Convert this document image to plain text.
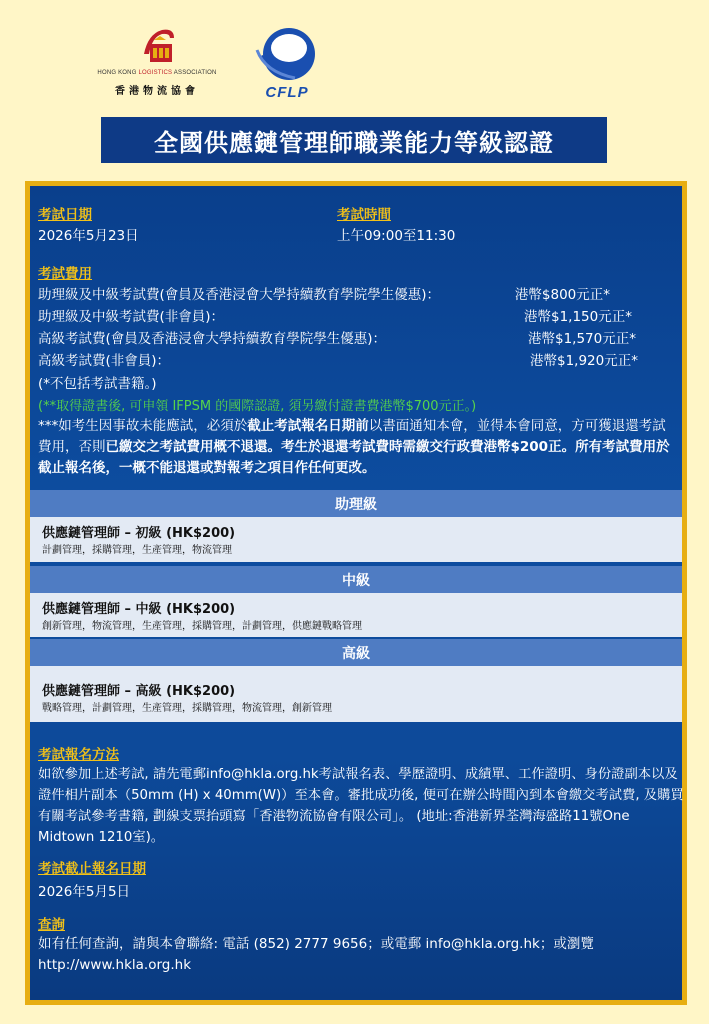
HONG KONG LOGISTICS ASSOCIATION
香港物流協會	CFLP
全國供應鏈管理師職業能力等級認證
考試日期
2026年5月23日
考試時間
上午09:00至11:30
考試費用
助理級及中級考試費(會員及香港浸會大學持續教育學院學生優惠)：	港幣$800元正*
助理級及中級考試費(非會員)：	港幣$1,150元正*
高級考試費(會員及香港浸會大學持續教育學院學生優惠)：	港幣$1,570元正*
高級考試費(非會員)：	港幣$1,920元正*
(*不包括考試書籍。)
(**取得證書後, 可申領 IFPSM 的國際認證, 須另繳付證書費港幣$700元正。)
***如考生因事故未能應試，必須於截止考試報名日期前以書面通知本會，並得本會同意，方可獲退還考試費用，否則已繳交之考試費用概不退還。考生於退還考試費時需繳交行政費港幣$200正。所有考試費用於截止報名後，一概不能退還或對報考之項目作任何更改。
助理級
供應鏈管理師 – 初級 (HK$200)
計劃管理，採購管理，生產管理，物流管理
中級
供應鏈管理師 – 中級 (HK$200)
創新管理，物流管理，生產管理，採購管理，計劃管理，供應鏈戰略管理
高級
供應鏈管理師 – 高級 (HK$200)
戰略管理，計劃管理，生產管理，採購管理，物流管理，創新管理
考試報名方法
如欲參加上述考試, 請先電郵info@hkla.org.hk考試報名表、學歷證明、成績單、工作證明、身份證副本以及證件相片副本（50mm (H) x 40mm(W)）至本會。審批成功後, 便可在辦公時間內到本會繳交考試費, 及購買有關考試參考書籍, 劃線支票抬頭寫「香港物流協會有限公司」。 (地址:香港新界荃灣海盛路11號One Midtown 1210室)。
考試截止報名日期
2026年5月5日
查詢
如有任何查詢，請與本會聯絡: 電話 (852) 2777 9656；或電郵 info@hkla.org.hk；或瀏覽 http://www.hkla.org.hk
